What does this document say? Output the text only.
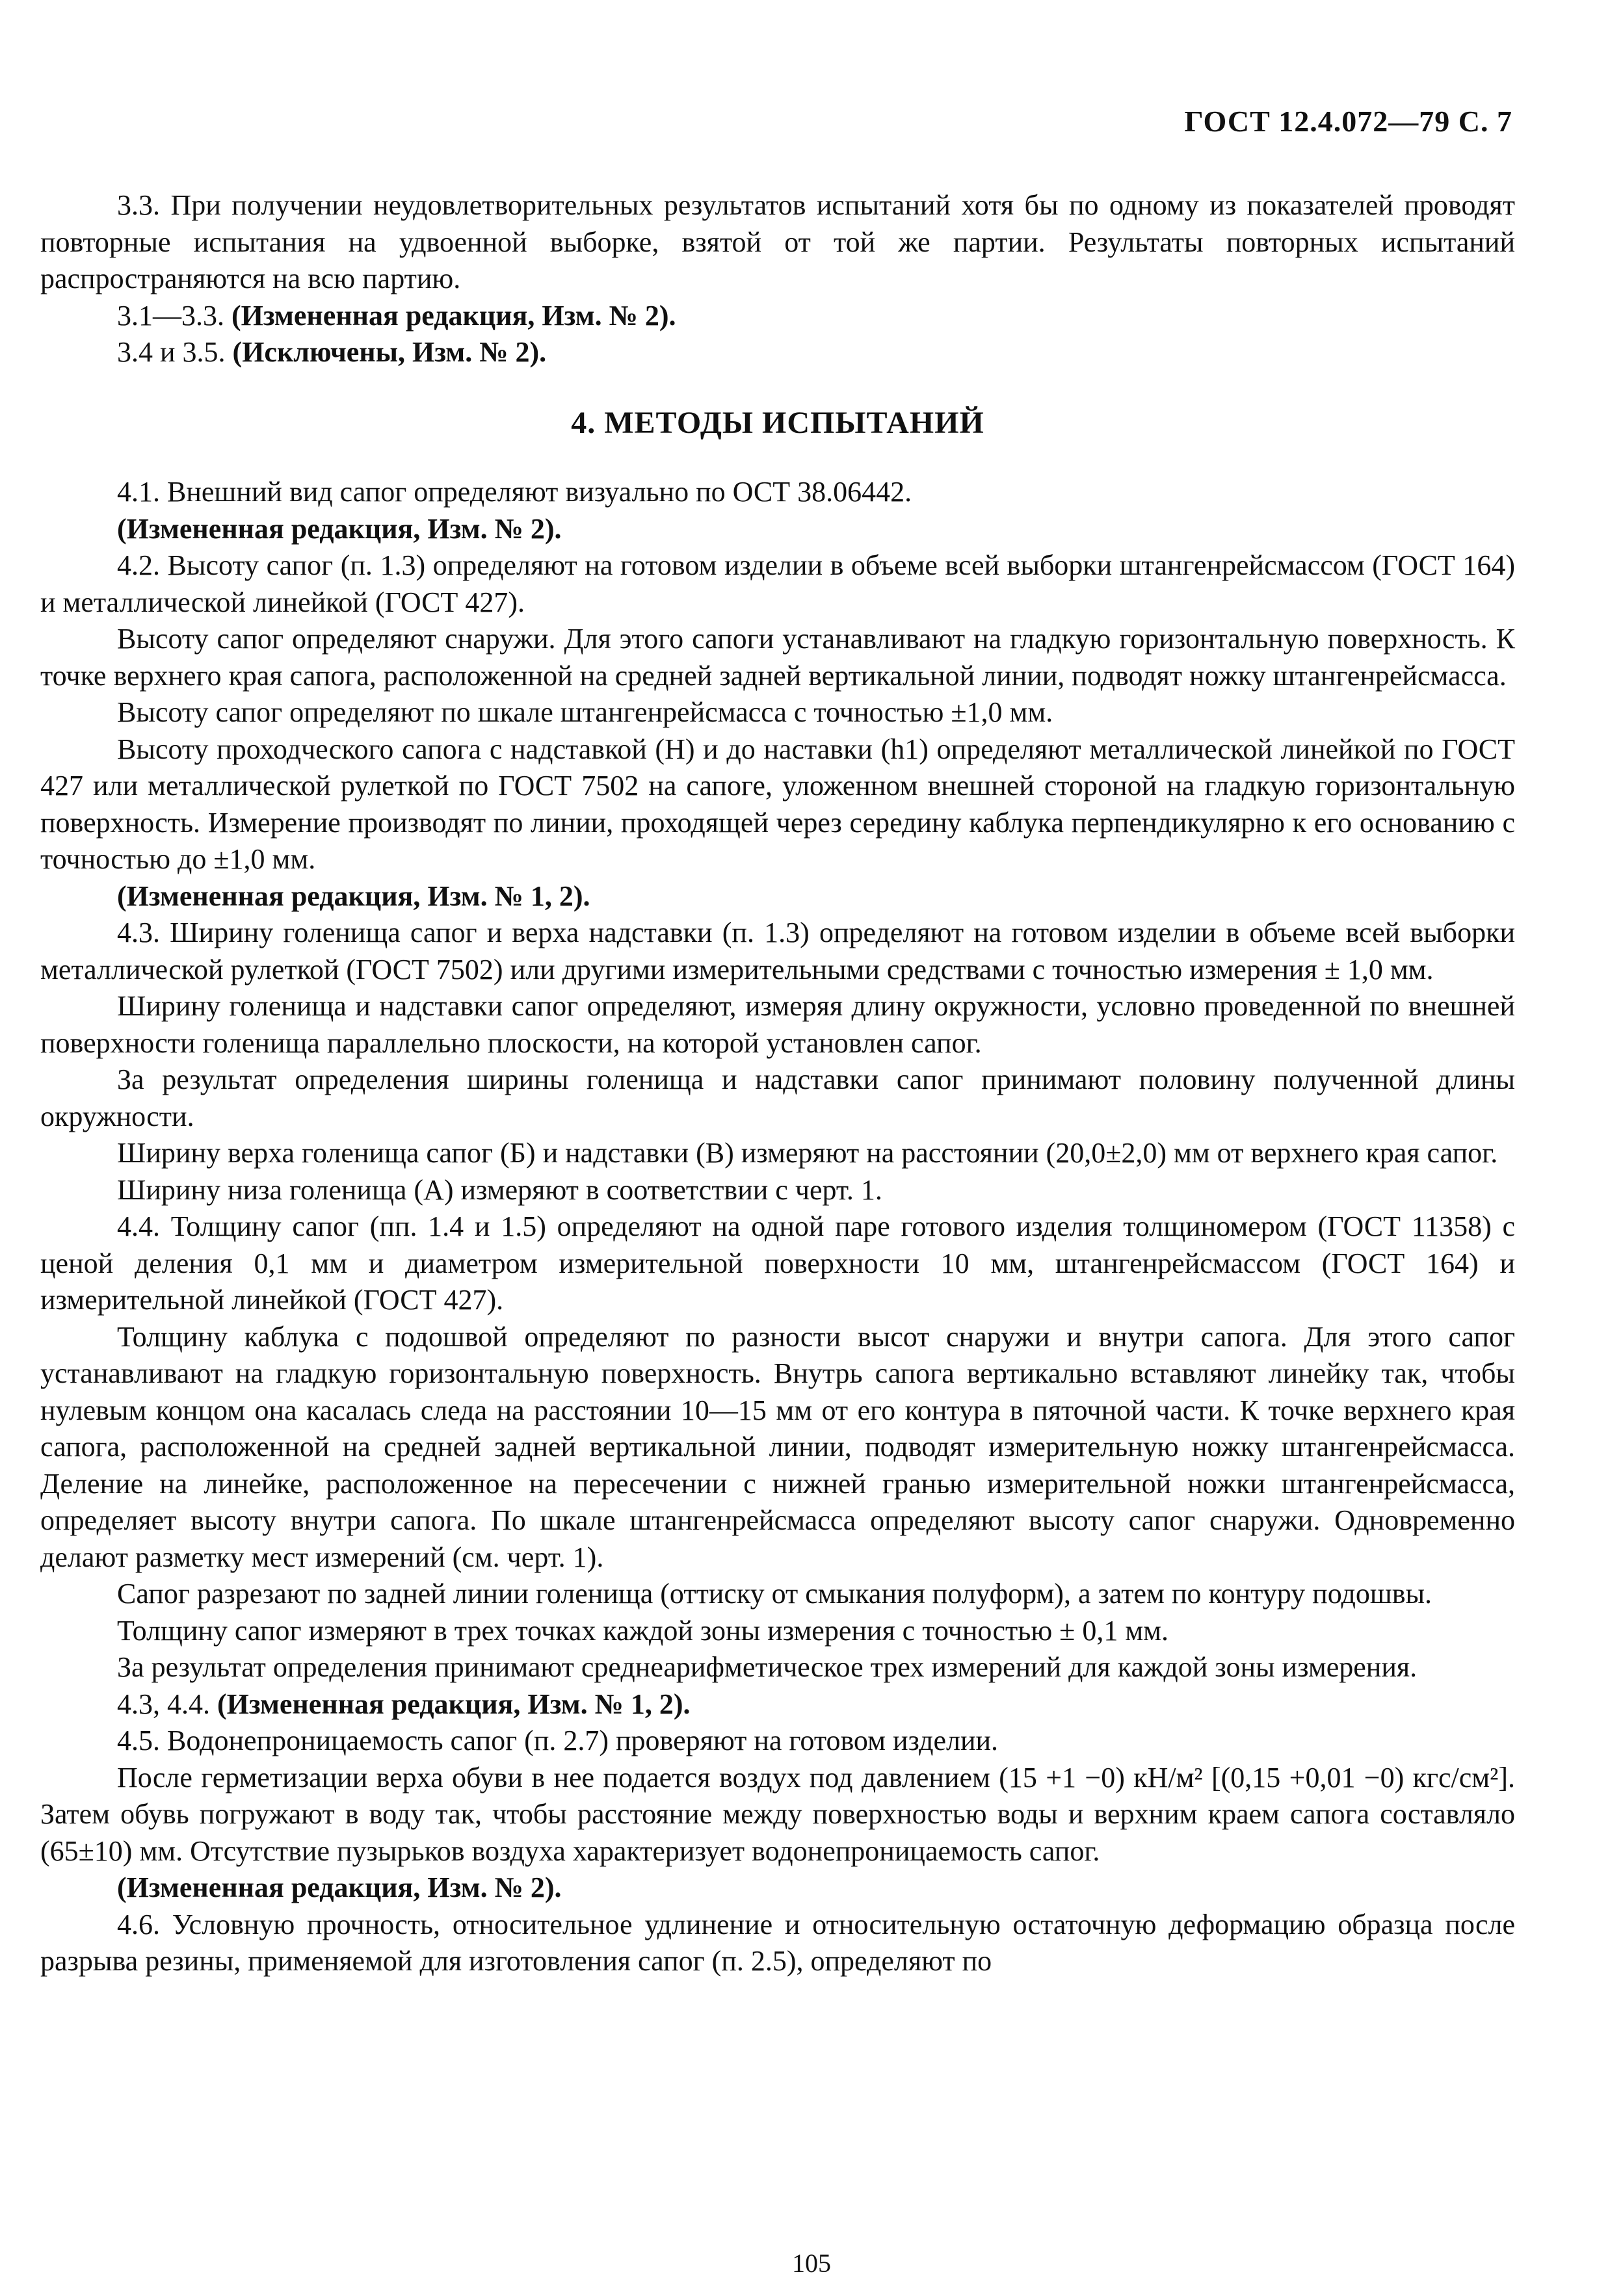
ГОСТ 12.4.072—79 С. 7

3.3. При получении неудовлетворительных результатов испытаний хотя бы по одному из показателей проводят повторные испытания на удвоенной выборке, взятой от той же партии. Результаты повторных испытаний распространяются на всю партию.

3.1—3.3. (Измененная редакция, Изм. № 2).

3.4 и 3.5. (Исключены, Изм. № 2).

4. МЕТОДЫ ИСПЫТАНИЙ

4.1. Внешний вид сапог определяют визуально по ОСТ 38.06442.

(Измененная редакция, Изм. № 2).

4.2. Высоту сапог (п. 1.3) определяют на готовом изделии в объеме всей выборки штангенрейсмассом (ГОСТ 164) и металлической линейкой (ГОСТ 427).

Высоту сапог определяют снаружи. Для этого сапоги устанавливают на гладкую горизонтальную поверхность. К точке верхнего края сапога, расположенной на средней задней вертикальной линии, подводят ножку штангенрейсмасса.

Высоту сапог определяют по шкале штангенрейсмасса с точностью ±1,0 мм.

Высоту проходческого сапога с надставкой (H) и до наставки (h1) определяют металлической линейкой по ГОСТ 427 или металлической рулеткой по ГОСТ 7502 на сапоге, уложенном внешней стороной на гладкую горизонтальную поверхность. Измерение производят по линии, проходящей через середину каблука перпендикулярно к его основанию с точностью до ±1,0 мм.

(Измененная редакция, Изм. № 1, 2).

4.3. Ширину голенища сапог и верха надставки (п. 1.3) определяют на готовом изделии в объеме всей выборки металлической рулеткой (ГОСТ 7502) или другими измерительными средствами с точностью измерения ± 1,0 мм.

Ширину голенища и надставки сапог определяют, измеряя длину окружности, условно проведенной по внешней поверхности голенища параллельно плоскости, на которой установлен сапог.

За результат определения ширины голенища и надставки сапог принимают половину полученной длины окружности.

Ширину верха голенища сапог (Б) и надставки (В) измеряют на расстоянии (20,0±2,0) мм от верхнего края сапог.

Ширину низа голенища (А) измеряют в соответствии с черт. 1.

4.4. Толщину сапог (пп. 1.4 и 1.5) определяют на одной паре готового изделия толщиномером (ГОСТ 11358) с ценой деления 0,1 мм и диаметром измерительной поверхности 10 мм, штангенрейсмассом (ГОСТ 164) и измерительной линейкой (ГОСТ 427).

Толщину каблука с подошвой определяют по разности высот снаружи и внутри сапога. Для этого сапог устанавливают на гладкую горизонтальную поверхность. Внутрь сапога вертикально вставляют линейку так, чтобы нулевым концом она касалась следа на расстоянии 10—15 мм от его контура в пяточной части. К точке верхнего края сапога, расположенной на средней задней вертикальной линии, подводят измерительную ножку штангенрейсмасса. Деление на линейке, расположенное на пересечении с нижней гранью измерительной ножки штангенрейсмасса, определяет высоту внутри сапога. По шкале штангенрейсмасса определяют высоту сапог снаружи. Одновременно делают разметку мест измерений (см. черт. 1).

Сапог разрезают по задней линии голенища (оттиску от смыкания полуформ), а затем по контуру подошвы.

Толщину сапог измеряют в трех точках каждой зоны измерения с точностью ± 0,1 мм.

За результат определения принимают среднеарифметическое трех измерений для каждой зоны измерения.

4.3, 4.4. (Измененная редакция, Изм. № 1, 2).

4.5. Водонепроницаемость сапог (п. 2.7) проверяют на готовом изделии.

После герметизации верха обуви в нее подается воздух под давлением (15 +1 −0) кН/м² [(0,15 +0,01 −0) кгс/см²]. Затем обувь погружают в воду так, чтобы расстояние между поверхностью воды и верхним краем сапога составляло (65±10) мм. Отсутствие пузырьков воздуха характеризует водонепроницаемость сапог.

(Измененная редакция, Изм. № 2).

4.6. Условную прочность, относительное удлинение и относительную остаточную деформацию образца после разрыва резины, применяемой для изготовления сапог (п. 2.5), определяют по

105
